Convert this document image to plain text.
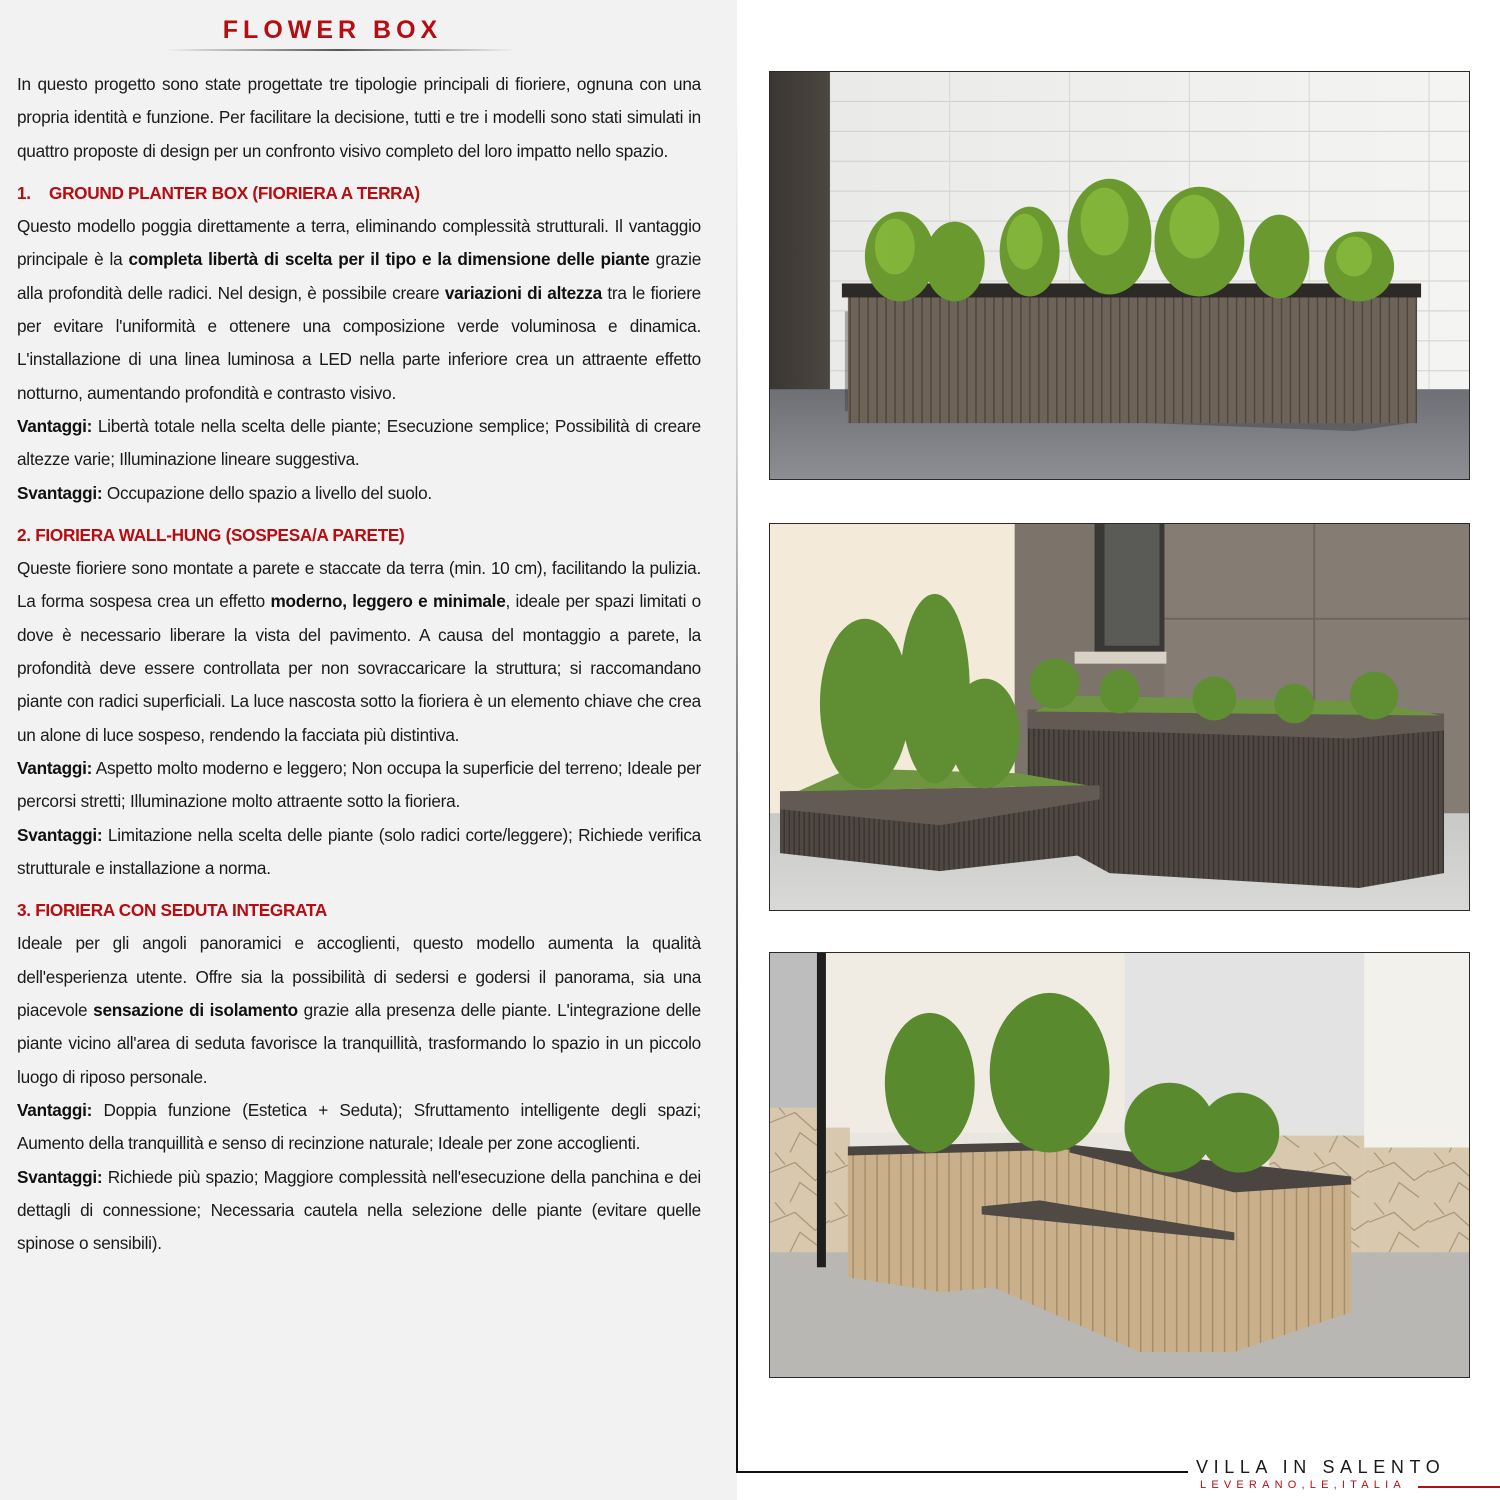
FLOWER BOX

In questo progetto sono state progettate tre tipologie principali di fioriere, ognuna con una propria identità e funzione. Per facilitare la decisione, tutti e tre i modelli sono stati simulati in quattro proposte di design per un confronto visivo completo del loro impatto nello spazio.

1. GROUND PLANTER BOX (FIORIERA A TERRA)

Questo modello poggia direttamente a terra, eliminando complessità strutturali. Il vantaggio principale è la completa libertà di scelta per il tipo e la dimensione delle piante grazie alla profondità delle radici. Nel design, è possibile creare variazioni di altezza tra le fioriere per evitare l'uniformità e ottenere una composizione verde voluminosa e dinamica. L'installazione di una linea luminosa a LED nella parte inferiore crea un attraente effetto notturno, aumentando profondità e contrasto visivo.

Vantaggi: Libertà totale nella scelta delle piante; Esecuzione semplice; Possibilità di creare altezze varie; Illuminazione lineare suggestiva.

Svantaggi: Occupazione dello spazio a livello del suolo.

2. FIORIERA WALL-HUNG (SOSPESA/A PARETE)

Queste fioriere sono montate a parete e staccate da terra (min. 10 cm), facilitando la pulizia. La forma sospesa crea un effetto moderno, leggero e minimale, ideale per spazi limitati o dove è necessario liberare la vista del pavimento. A causa del montaggio a parete, la profondità deve essere controllata per non sovraccaricare la struttura; si raccomandano piante con radici superficiali. La luce nascosta sotto la fioriera è un elemento chiave che crea un alone di luce sospeso, rendendo la facciata più distintiva.

Vantaggi: Aspetto molto moderno e leggero; Non occupa la superficie del terreno; Ideale per percorsi stretti; Illuminazione molto attraente sotto la fioriera.

Svantaggi: Limitazione nella scelta delle piante (solo radici corte/leggere); Richiede verifica strutturale e installazione a norma.

3. FIORIERA CON SEDUTA INTEGRATA

Ideale per gli angoli panoramici e accoglienti, questo modello aumenta la qualità dell'esperienza utente. Offre sia la possibilità di sedersi e godersi il panorama, sia una piacevole sensazione di isolamento grazie alla presenza delle piante. L'integrazione delle piante vicino all'area di seduta favorisce la tranquillità, trasformando lo spazio in un piccolo luogo di riposo personale.

Vantaggi: Doppia funzione (Estetica + Seduta); Sfruttamento intelligente degli spazi; Aumento della tranquillità e senso di recinzione naturale; Ideale per zone accoglienti.

Svantaggi: Richiede più spazio; Maggiore complessità nell'esecuzione della panchina e dei dettagli di connessione; Necessaria cautela nella selezione delle piante (evitare quelle spinose o sensibili).

VILLA IN SALENTO
LEVERANO,LE,ITALIA
